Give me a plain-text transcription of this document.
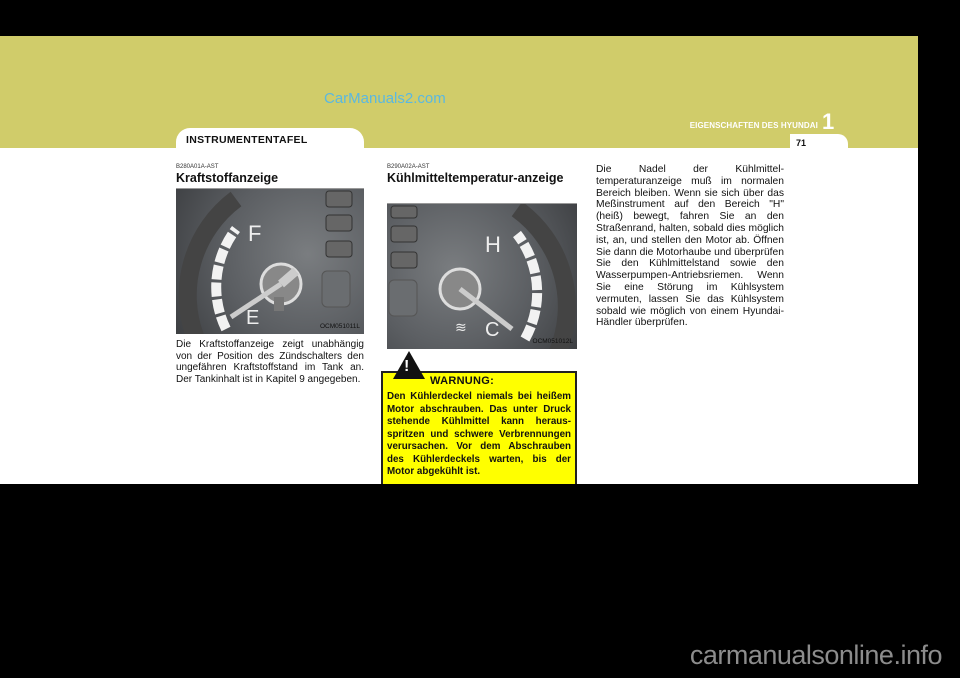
CarManuals2.com
EIGENSCHAFTEN DES HYUNDAI 1
INSTRUMENTENTAFEL	71
B280A01A-AST
Kraftstoffanzeige
F
E	OCM051011L
Die Kraftstoffanzeige zeigt unabhängig von der Position des Zündschalters den ungefähren Kraftstoffstand im Tank an. Der Tankinhalt ist in Kapitel 9 angegeben.
B290A02A-AST
Kühlmitteltemperatur-anzeige
H
C
≋
OCM051012L
Den Kühlerdeckel niemals bei heißem Motor abschrauben. Das unter Druck stehende Kühlmittel kann herausspritzen und schwere Verbrennungen verursachen. Vor dem Abschrauben des Kühlerdeckels warten, bis der Motor abgekühlt ist.
!
WARNUNG:
Die Nadel der Kühlmitteltemperaturanzeige muß im normalen Bereich bleiben. Wenn sie sich über das Meßinstrument auf den Bereich "H" (heiß) bewegt, fahren Sie an den Straßenrand, halten, sobald dies möglich ist, an, und stellen den Motor ab. Öffnen Sie dann die Motorhaube und überprüfen Sie den Kühlmittelstand sowie den Wasserpumpen-Antriebsriemen. Wenn Sie eine Störung im Kühlsystem vermuten, lassen Sie das Kühlsystem sobald wie möglich von einem Hyundai-Händler überprüfen.
carmanualsonline.info
